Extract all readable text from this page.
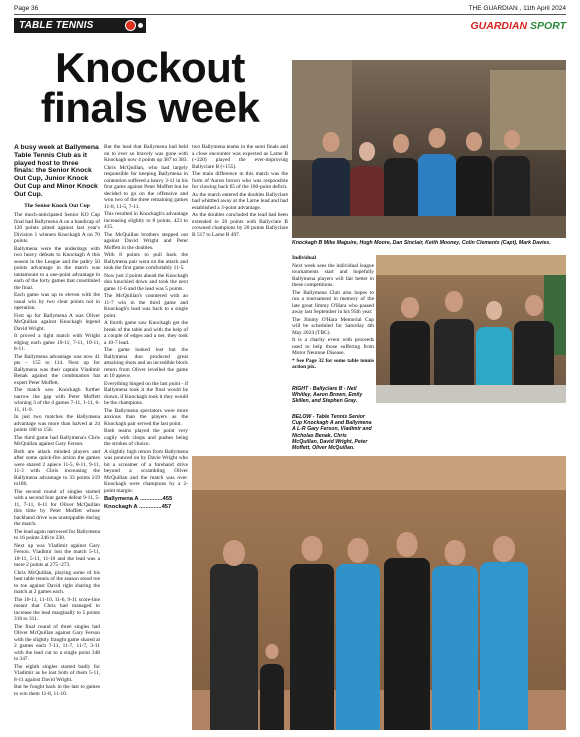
Page 36	THE GUARDIAN , 11th April 2024
TABLE TENNIS	GUARDIAN SPORT
Knockout finals week

A busy week at Ballymena Table Tennis Club as it played host to three finals: the Senior Knock Out Cup, Junior Knock Out Cup and Minor Knock Out Cup.

The Senior Knock Out Cup

The much-anticipated Senior KO Cup final had Ballymena A on a handicap of 120 points pitted against last year's Division 1 winners Knockagh A on 70 points.

Ballymena were the underdogs with two heavy defeats to Knockagh A this season in the League and the paltry 50 points advantage in the match was tantamount to a one-point advantage in each of the forty games that constituted the final.

Each game was up to eleven with the usual win by two clear points not in operation.

First up for Ballymena A was Oliver McQuillan against Knockagh legend David Wright.

It proved a tight match with Wright edging each game 10-11, 7-11, 10-11, 8-11.

The Ballymena advantage was now 41 pts – 155 to 114. Next up for Ballymena was their captain Vladimir Benak against the combination hat expert Peter Moffett.

The match saw Knockagh further narrow the gap with Peter Moffett winning 3 of the 4 games 7-11, 1-11, 6-11, 11-9.

In just two matches the Ballymena advantage was more than halved at 24 points 180 to 156.

The third game had Ballymena's Chris McQuillan against Gary Ferson.

Both are attack minded players and after some quick-fire action the games were shared 2 apiece 11-5, 8-11, 9-11, 11-3 with Chris increasing the Ballymena advantage to 33 points 219 to186.

The second round of singles started with a second four game defeat 9-11, 5-11, 7-11, 6-11 for Oliver McQuillan this time by Peter Moffett whose backhand drive was unstoppable during the match.

The lead again narrowed for Ballymena to 16 points 246 to 230.

Next up was Vladimir against Gary Ferson. Vladimir lost the match 5-11, 10-11, 5-11, 11-10 and the lead was a mere 2 points at 275 -273.

Chris McQuillan, playing some of his best table tennis of the season stood toe to toe against David right sharing the match at 2 games each.

The 10-11, 11-10, 11-6, 9-11 score-line meant that Chris had managed to increase the lead marginally to 5 points 316 to 311.

The final round of three singles had Oliver McQuillan against Gary Ferson with the slightly fraught game shared at 2 games each 7-11, 11-7, 11-7, 3-11 with the lead cut to a single point 348 to 347.

The eighth singles started badly for Vladimir as he lost both of them 5-11, 8-11 against David Wright.

But he fought back in the last to games to win them 11-8, 11-10.

But the lead that Ballymena had held on to ever so bravely was gone with Knockagh now 4 points up 387 to 383.

Chris McQuillan, who had largely responsible for keeping Ballymena in contention suffered a heavy 3-11 in his first game against Peter Moffett but he decided to go on the offensive and won two of the three remaining games 11-8, 11-5, 7-11.

This resulted in Knockagh's advantage increasing slightly to 8 points, 423 to 415.

The McQuillan brothers stepped out against David Wright and Peter Moffett in the doubles.

With 8 points to pull back the Ballymena pair went on the attack and took the first game comfortably 11-5.

Now just 2 points ahead the Knockagh duo knuckled down and took the next game 11-6 and the lead was 5 points.

The McQuillan's countered with an 11-7 win in the third game and Knockagh's lead was back to a single point.

A fourth game saw Knockagh get the break of the table and with the help of a couple of edges and a net, they took a 10-7 lead.

The game looked lost but the Ballymena duo produced great attacking shots and an incredible block return from Oliver levelled the game at 10 apiece.

Everything hinged on the last point - if Ballymena took it the final would be drawn, if Knockagh took it they would be the champions.

The Ballymena spectators were more anxious than the players as the Knockagh pair served the last point.

Both teams played the point very cagily with chops and pushes being the strokes of choice.

A slightly high return from Ballymena was pounced on by Davie Wright who hit a screamer of a forehand drive beyond a scrambling Oliver McQuillan and the match was over. Knockagh were champions by a 2-point margin:

Ballymena A ..............455

Knockagh A ..............457

two Ballymena teams in the semi finals and a close encounter was expected as Larne B (+220) played the ever-improving Ballyclare B (+155).

The main difference in this match was the form of Aaron brown who was responsible for clawing back 65 of the 100-point deficit.

As the match entered the doubles Ballyclare had whittled away at the Larne lead and had established a 3-point advantage.

As the doubles concluded the lead had been extended to 20 points with Ballyclare B crowned champions by 20 points Ballyclare B 517 to Larne B 497.

Individual

Next week sees the individual league tournaments start and hopefully Ballymena players will fair better in these competitions.

The Ballymena Club also hopes to run a tournament in memory of the late great Jimmy O'Hara who passed away last September in his 95th year.

The Jimmy O'Hara Memorial Cup will be scheduled for Saturday 4th May 2024 (TBC).

It is a charity event with proceeds used to help those suffering from Motor Neurone Disease.

* See Page 32 for some table tennis action pix.

Knockagh B Mike Maguire, Hugh Moore, Dan Sinclair, Keith Mooney, Colin Clements (Capt), Mark Davies.
RIGHT - Ballyclare B - Neil Whitley, Aaron Brown, Emily Skillen, and Stephen Gray.
BELOW - Table Tennis Senior Cup Knockagh A and Ballymena A L-R Gary Ferson, Vladimir and Nicholas Benak, Chris McQuillan, David Wright, Peter Moffett, Oliver McQuillan.
